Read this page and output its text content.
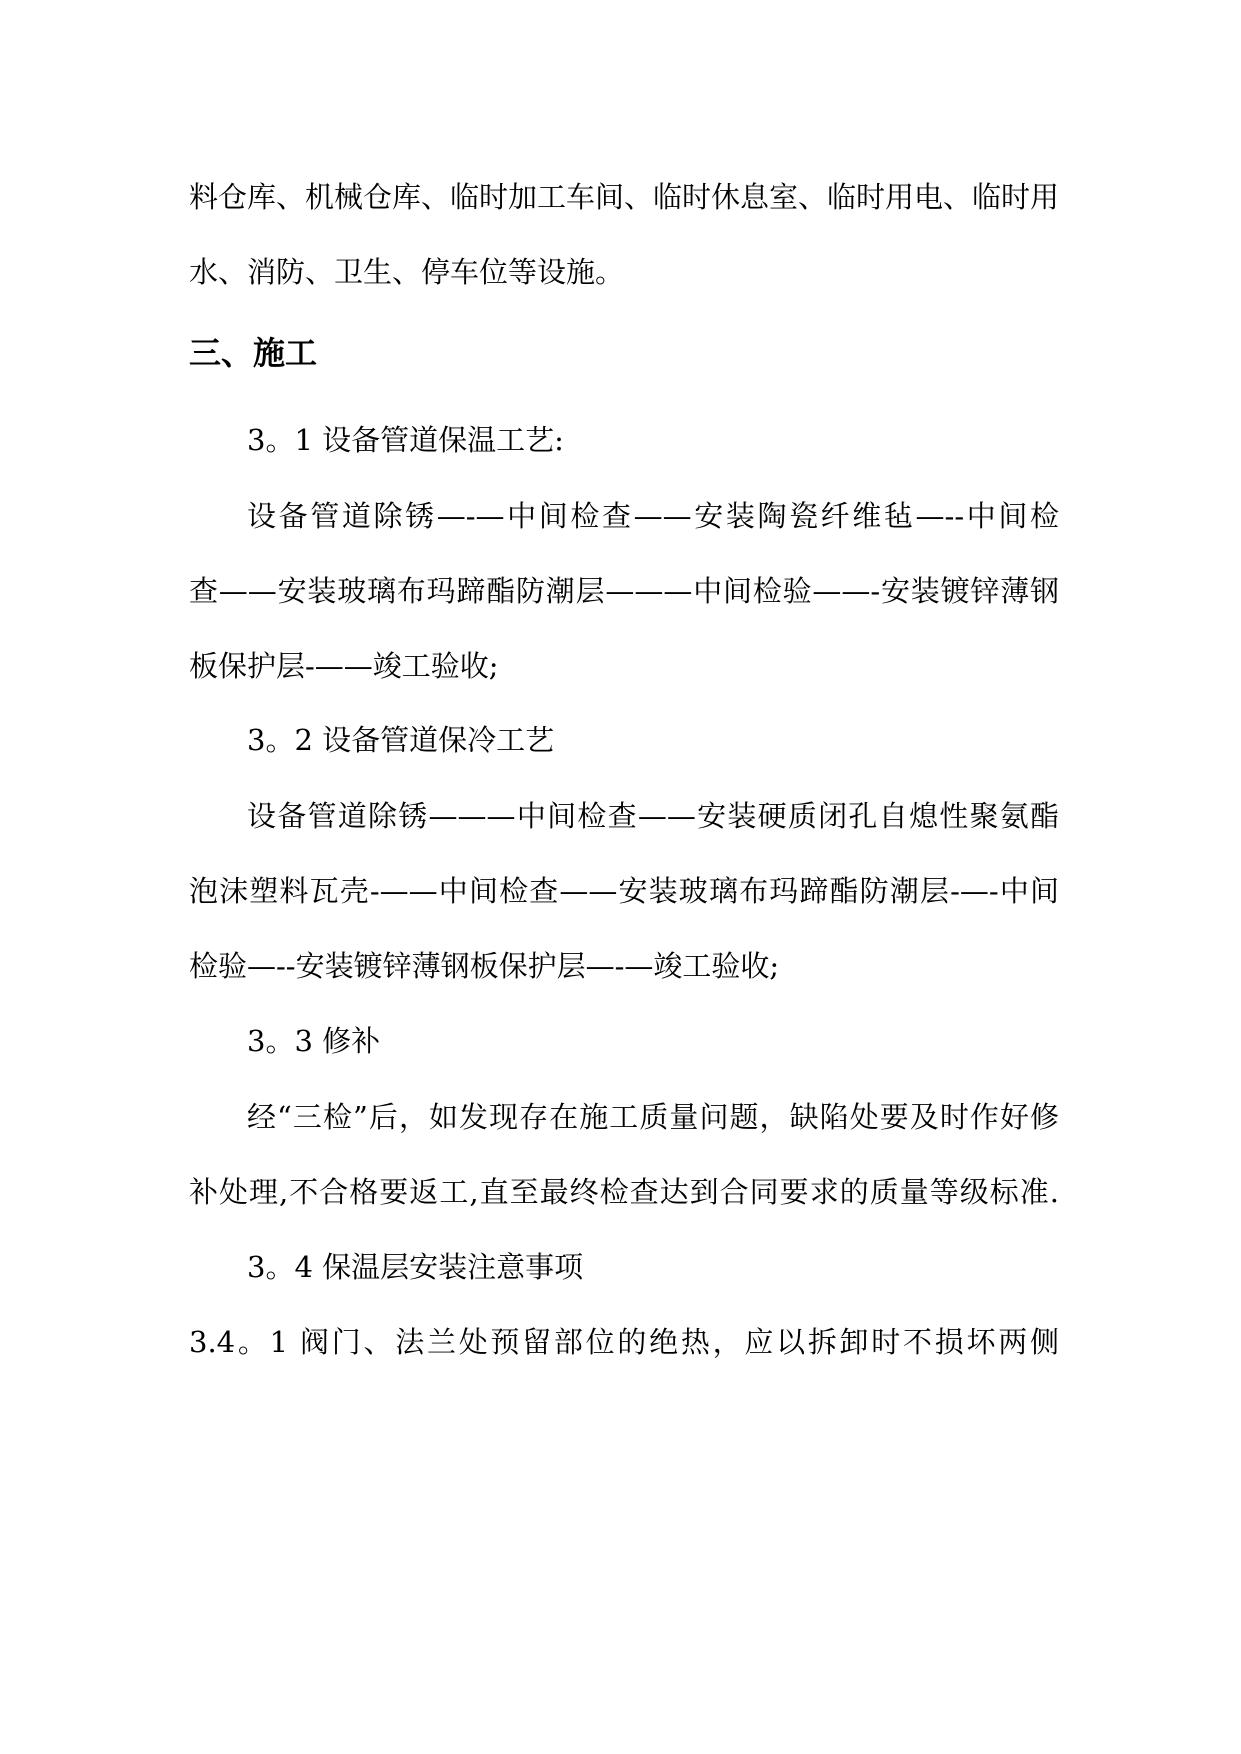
料仓库、机械仓库、临时加工车间、临时休息室、临时用电、临时用
水、消防、卫生、停车位等设施。
三、施工
3。1 设备管道保温工艺:
设备管道除锈—-—中间检查——安装陶瓷纤维毡—--中间检
查——安装玻璃布玛蹄酯防潮层———中间检验——-安装镀锌薄钢
板保护层-——竣工验收;
3。2 设备管道保冷工艺
设备管道除锈———中间检查——安装硬质闭孔自熄性聚氨酯
泡沫塑料瓦壳-——中间检查——安装玻璃布玛蹄酯防潮层-—-中间
检验—--安装镀锌薄钢板保护层—-—竣工验收;
3。3 修补
经“三检”后，如发现存在施工质量问题，缺陷处要及时作好修
补处理,不合格要返工,直至最终检查达到合同要求的质量等级标准.
3。4 保温层安装注意事项
3.4。1 阀门、法兰处预留部位的绝热，应以拆卸时不损坏两侧
